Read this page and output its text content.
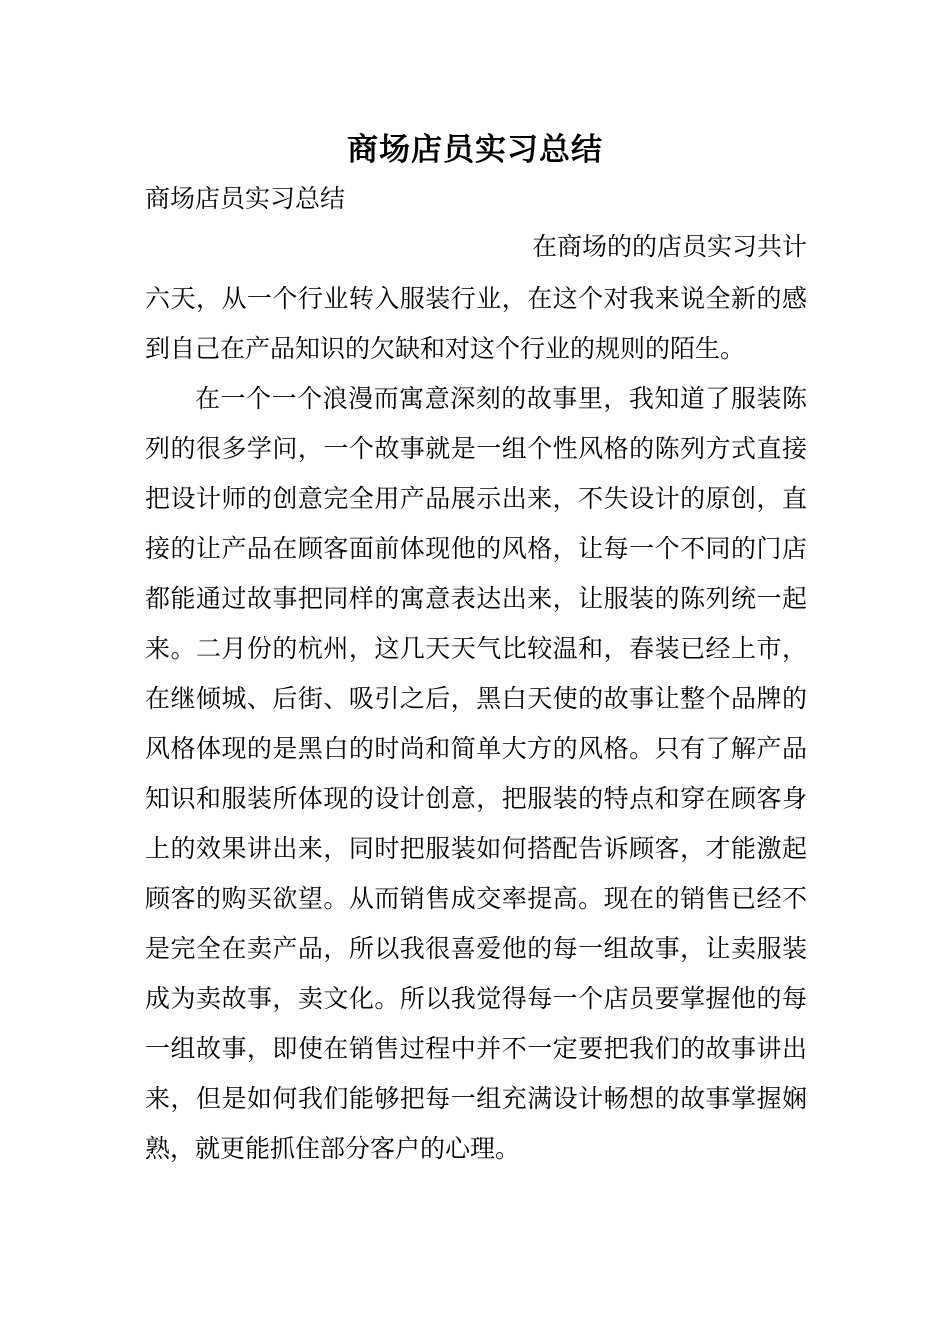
商场店员实习总结
商场店员实习总结
在商场的的店员实习共计
六天，从一个行业转入服装行业，在这个对我来说全新的感到自己在产品知识的欠缺和对这个行业的规则的陌生。
在一个一个浪漫而寓意深刻的故事里，我知道了服装陈列的很多学问，一个故事就是一组个性风格的陈列方式直接把设计师的创意完全用产品展示出来，不失设计的原创，直接的让产品在顾客面前体现他的风格，让每一个不同的门店都能通过故事把同样的寓意表达出来，让服装的陈列统一起来。二月份的杭州，这几天天气比较温和，春装已经上市，在继倾城、后街、吸引之后，黑白天使的故事让整个品牌的风格体现的是黑白的时尚和简单大方的风格。只有了解产品知识和服装所体现的设计创意，把服装的特点和穿在顾客身上的效果讲出来，同时把服装如何搭配告诉顾客，才能激起顾客的购买欲望。从而销售成交率提高。现在的销售已经不是完全在卖产品，所以我很喜爱他的每一组故事，让卖服装成为卖故事，卖文化。所以我觉得每一个店员要掌握他的每一组故事，即使在销售过程中并不一定要把我们的故事讲出来，但是如何我们能够把每一组充满设计畅想的故事掌握娴熟，就更能抓住部分客户的心理。
